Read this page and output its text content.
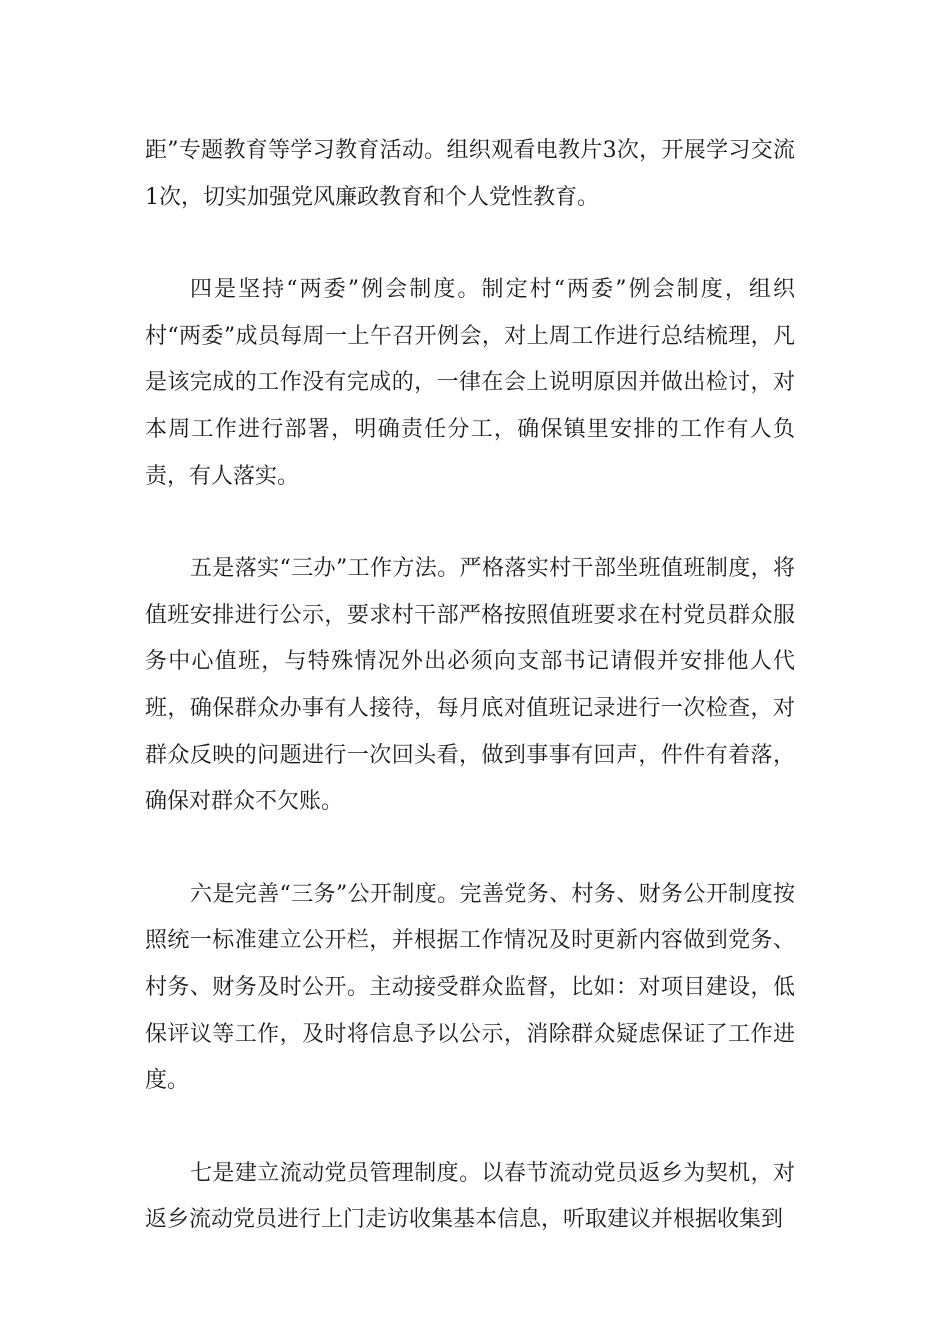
距”专题教育等学习教育活动。组织观看电教片3次，开展学习交流1次，切实加强党风廉政教育和个人党性教育。

四是坚持“两委”例会制度。制定村“两委”例会制度，组织村“两委”成员每周一上午召开例会，对上周工作进行总结梳理，凡是该完成的工作没有完成的，一律在会上说明原因并做出检讨，对本周工作进行部署，明确责任分工，确保镇里安排的工作有人负责，有人落实。

五是落实“三办”工作方法。严格落实村干部坐班值班制度，将值班安排进行公示，要求村干部严格按照值班要求在村党员群众服务中心值班，与特殊情况外出必须向支部书记请假并安排他人代班，确保群众办事有人接待，每月底对值班记录进行一次检查，对群众反映的问题进行一次回头看，做到事事有回声，件件有着落，确保对群众不欠账。

六是完善“三务”公开制度。完善党务、村务、财务公开制度按照统一标准建立公开栏，并根据工作情况及时更新内容做到党务、村务、财务及时公开。主动接受群众监督，比如：对项目建设，低保评议等工作，及时将信息予以公示，消除群众疑虑保证了工作进度。

七是建立流动党员管理制度。以春节流动党员返乡为契机，对返乡流动党员进行上门走访收集基本信息，听取建议并根据收集到
